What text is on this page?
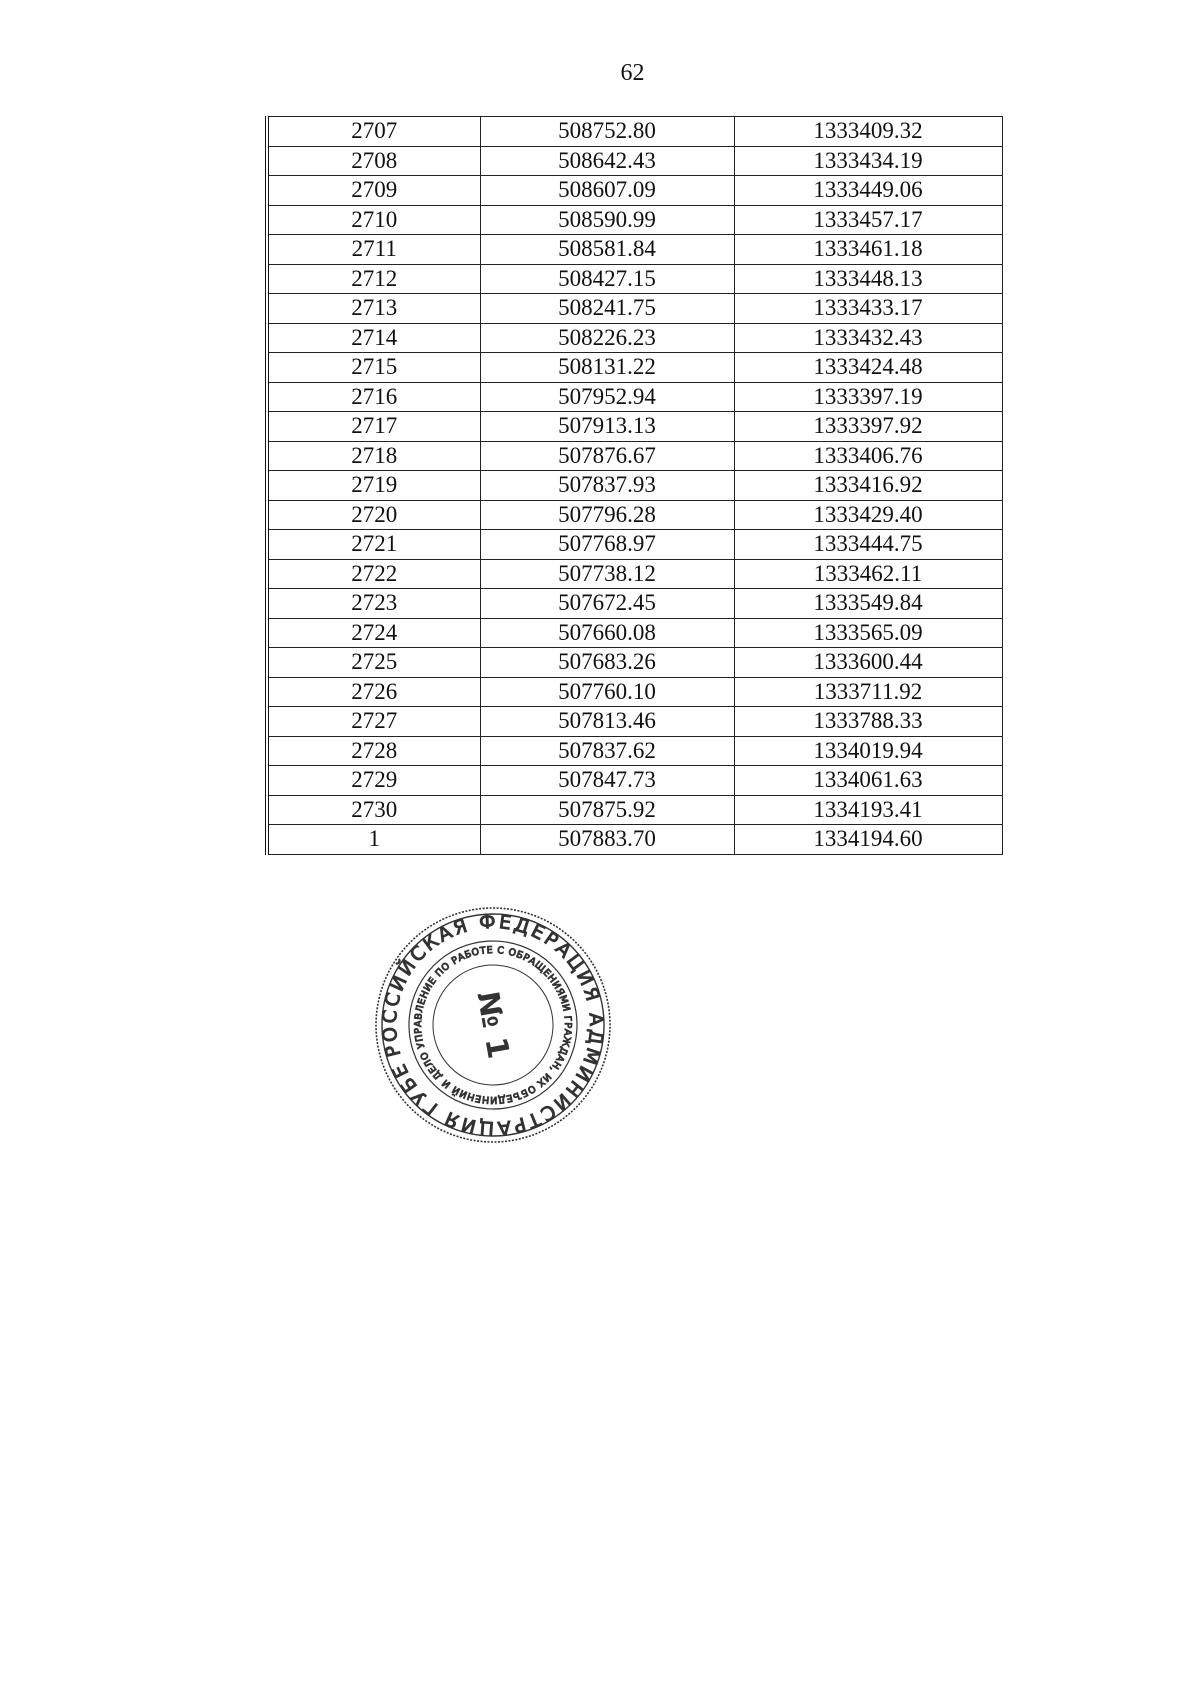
62
2707	508752.80	1333409.32
2708	508642.43	1333434.19
2709	508607.09	1333449.06
2710	508590.99	1333457.17
2711	508581.84	1333461.18
2712	508427.15	1333448.13
2713	508241.75	1333433.17
2714	508226.23	1333432.43
2715	508131.22	1333424.48
2716	507952.94	1333397.19
2717	507913.13	1333397.92
2718	507876.67	1333406.76
2719	507837.93	1333416.92
2720	507796.28	1333429.40
2721	507768.97	1333444.75
2722	507738.12	1333462.11
2723	507672.45	1333549.84
2724	507660.08	1333565.09
2725	507683.26	1333600.44
2726	507760.10	1333711.92
2727	507813.46	1333788.33
2728	507837.62	1334019.94
2729	507847.73	1334061.63
2730	507875.92	1334193.41
1	507883.70	1334194.60
РОССИЙСКАЯ ФЕДЕРАЦИЯ АДМИНИСТРАЦИЯ ГУБЕРНАТОРА
УПРАВЛЕНИЕ ПО РАБОТЕ С ОБРАЩЕНИЯМИ ГРАЖДАН, ИХ ОБЪЕДИНЕНИЙ И ДЕЛОПРОИЗВОДСТВА
№ 1
